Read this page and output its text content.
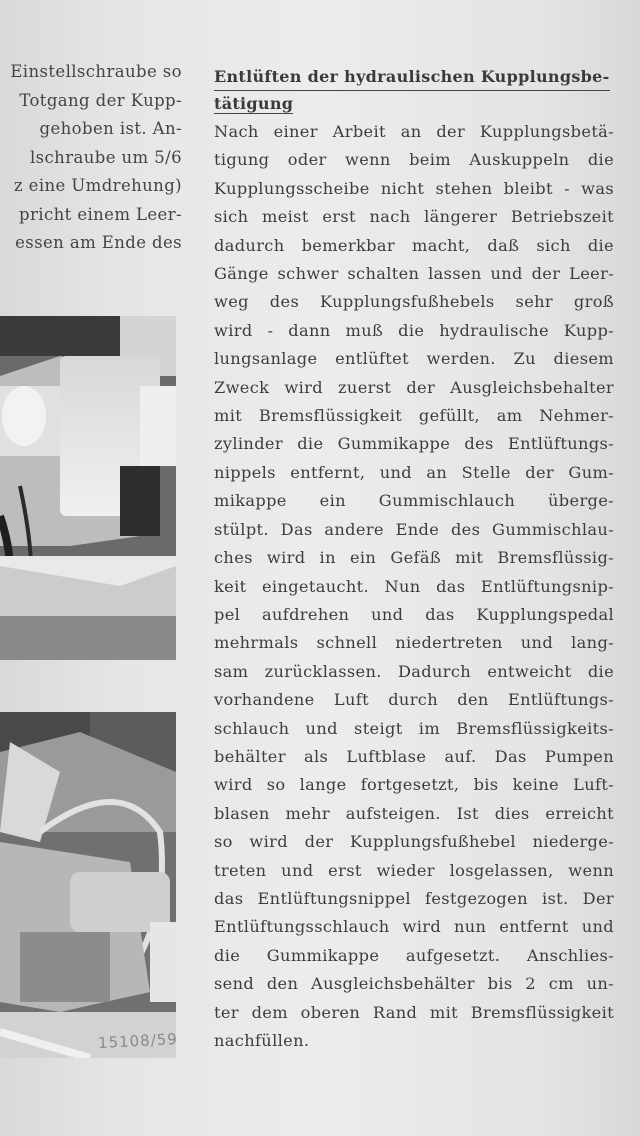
Einstellschraube so
Totgang der Kupp-
gehoben ist. An-
lschraube um 5/6
z eine Umdrehung)
pricht einem Leer-
essen am Ende des
15108/59
Entlüften der hydraulischen Kupplungsbe-
tätigung
Nach einer Arbeit an der Kupplungsbetä-
tigung oder wenn beim Auskuppeln die
Kupplungsscheibe nicht stehen bleibt - was
sich meist erst nach längerer Betriebszeit
dadurch bemerkbar macht, daß sich die
Gänge schwer schalten lassen und der Leer-
weg des Kupplungsfußhebels sehr groß
wird - dann muß die hydraulische Kupp-
lungsanlage entlüftet werden. Zu diesem
Zweck wird zuerst der Ausgleichsbehalter
mit Bremsflüssigkeit gefüllt, am Nehmer-
zylinder die Gummikappe des Entlüftungs-
nippels entfernt, und an Stelle der Gum-
mikappe ein Gummischlauch überge-
stülpt. Das andere Ende des Gummischlau-
ches wird in ein Gefäß mit Bremsflüssig-
keit eingetaucht. Nun das Entlüftungsnip-
pel aufdrehen und das Kupplungspedal
mehrmals schnell niedertreten und lang-
sam zurücklassen. Dadurch entweicht die
vorhandene Luft durch den Entlüftungs-
schlauch und steigt im Bremsflüssigkeits-
behälter als Luftblase auf. Das Pumpen
wird so lange fortgesetzt, bis keine Luft-
blasen mehr aufsteigen. Ist dies erreicht
so wird der Kupplungsfußhebel niederge-
treten und erst wieder losgelassen, wenn
das Entlüftungsnippel festgezogen ist. Der
Entlüftungsschlauch wird nun entfernt und
die Gummikappe aufgesetzt. Anschlies-
send den Ausgleichsbehälter bis 2 cm un-
ter dem oberen Rand mit Bremsflüssigkeit
nachfüllen.
